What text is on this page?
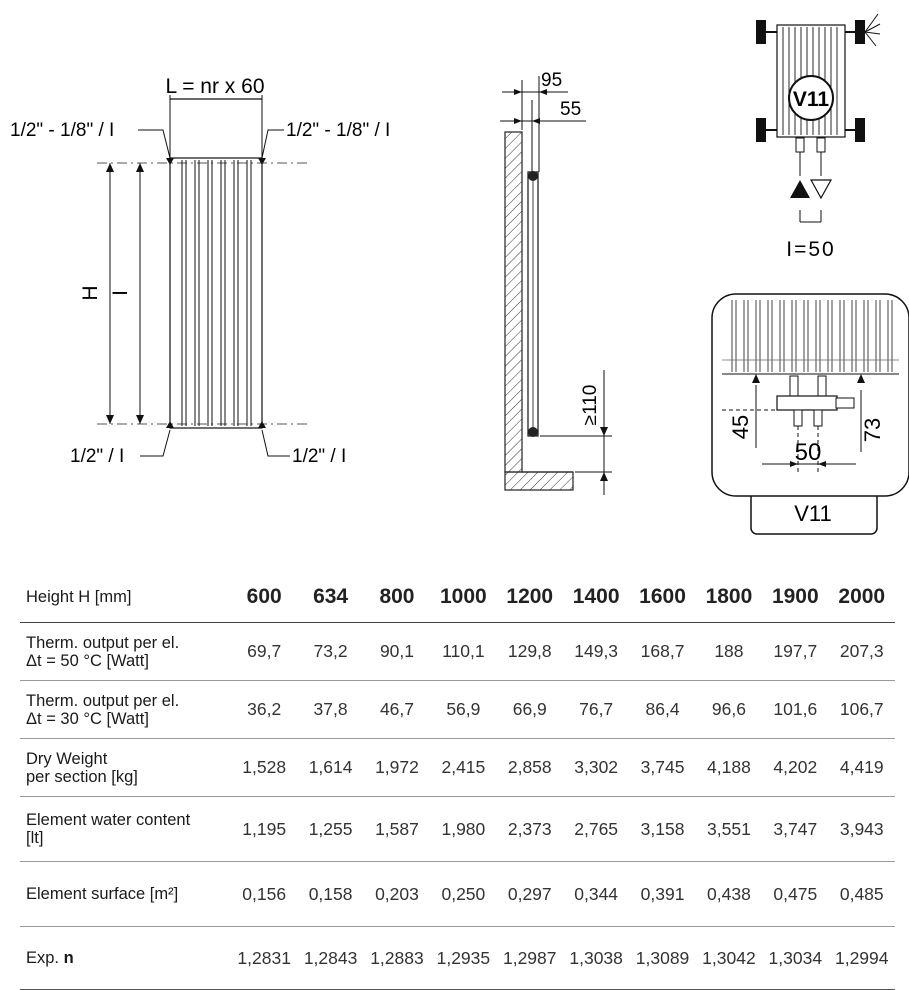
L = nr x 60
1/2" - 1/8" / I	1/2" - 1/8" / I
H I
1/2" / I	1/2" / I
95
55
≥110
V11
I=50
V11
45	73
50
Height H [mm]	600	634	800	1000	1200	1400	1600	1800	1900	2000

Therm. output per el.
Δt = 50 °C [Watt]	69,7	73,2	90,1	110,1	129,8	149,3	168,7	188	197,7	207,3

Therm. output per el.
Δt = 30 °C [Watt]	36,2	37,8	46,7	56,9	66,9	76,7	86,4	96,6	101,6	106,7

Dry Weight
per section [kg]	1,528	1,614	1,972	2,415	2,858	3,302	3,745	4,188	4,202	4,419

Element water content
[lt]	1,195	1,255	1,587	1,980	2,373	2,765	3,158	3,551	3,747	3,943

Element surface [m²]	0,156	0,158	0,203	0,250	0,297	0,344	0,391	0,438	0,475	0,485
Exp. n	1,2831	1,2843	1,2883	1,2935	1,2987	1,3038	1,3089	1,3042	1,3034	1,2994
